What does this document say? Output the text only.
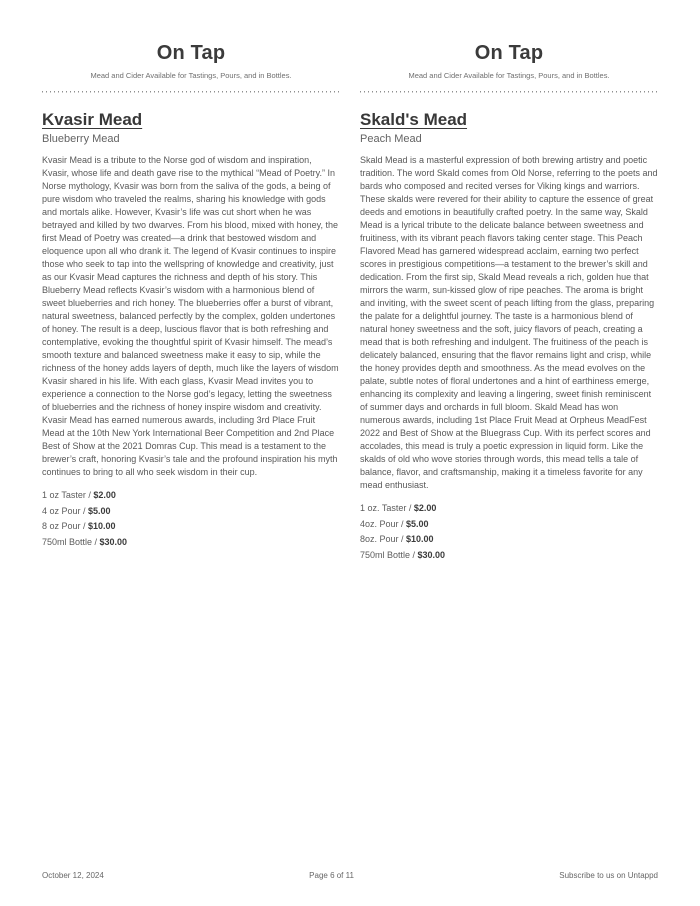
On Tap
Mead and Cider Available for Tastings, Pours, and in Bottles.
Kvasir Mead
Blueberry Mead

Kvasir Mead is a tribute to the Norse god of wisdom and inspiration, Kvasir, whose life and death gave rise to the mythical “Mead of Poetry.” In Norse mythology, Kvasir was born from the saliva of the gods, a being of pure wisdom who traveled the realms, sharing his knowledge with gods and mortals alike. However, Kvasir’s life was cut short when he was betrayed and killed by two dwarves. From his blood, mixed with honey, the first Mead of Poetry was created—a drink that bestowed wisdom and eloquence upon all who drank it. The legend of Kvasir continues to inspire those who seek to tap into the wellspring of knowledge and creativity, just as our Kvasir Mead captures the richness and depth of his story. This Blueberry Mead reflects Kvasir’s wisdom with a harmonious blend of sweet blueberries and rich honey. The blueberries offer a burst of vibrant, natural sweetness, balanced perfectly by the complex, golden undertones of honey. The result is a deep, luscious flavor that is both refreshing and contemplative, evoking the thoughtful spirit of Kvasir himself. The mead’s smooth texture and balanced sweetness make it easy to sip, while the richness of the honey adds layers of depth, much like the layers of wisdom Kvasir shared in his life. With each glass, Kvasir Mead invites you to experience a connection to the Norse god’s legacy, letting the sweetness of blueberries and the richness of honey inspire wisdom and creativity. Kvasir Mead has earned numerous awards, including 3rd Place Fruit Mead at the 10th New York International Beer Competition and 2nd Place Best of Show at the 2021 Domras Cup. This mead is a testament to the brewer’s craft, honoring Kvasir’s tale and the profound inspiration his myth continues to bring to all who seek wisdom in their cup.

1 oz Taster / $2.00
4 oz Pour / $5.00
8 oz Pour / $10.00
750ml Bottle / $30.00
On Tap
Mead and Cider Available for Tastings, Pours, and in Bottles.
Skald's Mead
Peach Mead

Skald Mead is a masterful expression of both brewing artistry and poetic tradition. The word Skald comes from Old Norse, referring to the poets and bards who composed and recited verses for Viking kings and warriors. These skalds were revered for their ability to capture the essence of great deeds and emotions in beautifully crafted poetry. In the same way, Skald Mead is a lyrical tribute to the delicate balance between sweetness and fruitiness, with its vibrant peach flavors taking center stage. This Peach Flavored Mead has garnered widespread acclaim, earning two perfect scores in prestigious competitions—a testament to the brewer’s skill and dedication. From the first sip, Skald Mead reveals a rich, golden hue that mirrors the warm, sun-kissed glow of ripe peaches. The aroma is bright and inviting, with the sweet scent of peach lifting from the glass, preparing the palate for a delightful journey. The taste is a harmonious blend of natural honey sweetness and the soft, juicy flavors of peach, creating a mead that is both refreshing and indulgent. The fruitiness of the peach is delicately balanced, ensuring that the flavor remains light and crisp, while the honey provides depth and smoothness. As the mead evolves on the palate, subtle notes of floral undertones and a hint of earthiness emerge, enhancing its complexity and leaving a lingering, sweet finish reminiscent of summer days and orchards in full bloom. Skald Mead has won numerous awards, including 1st Place Fruit Mead at Orpheus MeadFest 2022 and Best of Show at the Bluegrass Cup. With its perfect scores and accolades, this mead is truly a poetic expression in liquid form. Like the skalds of old who wove stories through words, this mead tells a tale of balance, flavor, and craftsmanship, making it a timeless favorite for any mead enthusiast.

1 oz. Taster / $2.00
4oz. Pour / $5.00
8oz. Pour / $10.00
750ml Bottle / $30.00
October 12, 2024	Page 6 of 11	Subscribe to us on Untappd
